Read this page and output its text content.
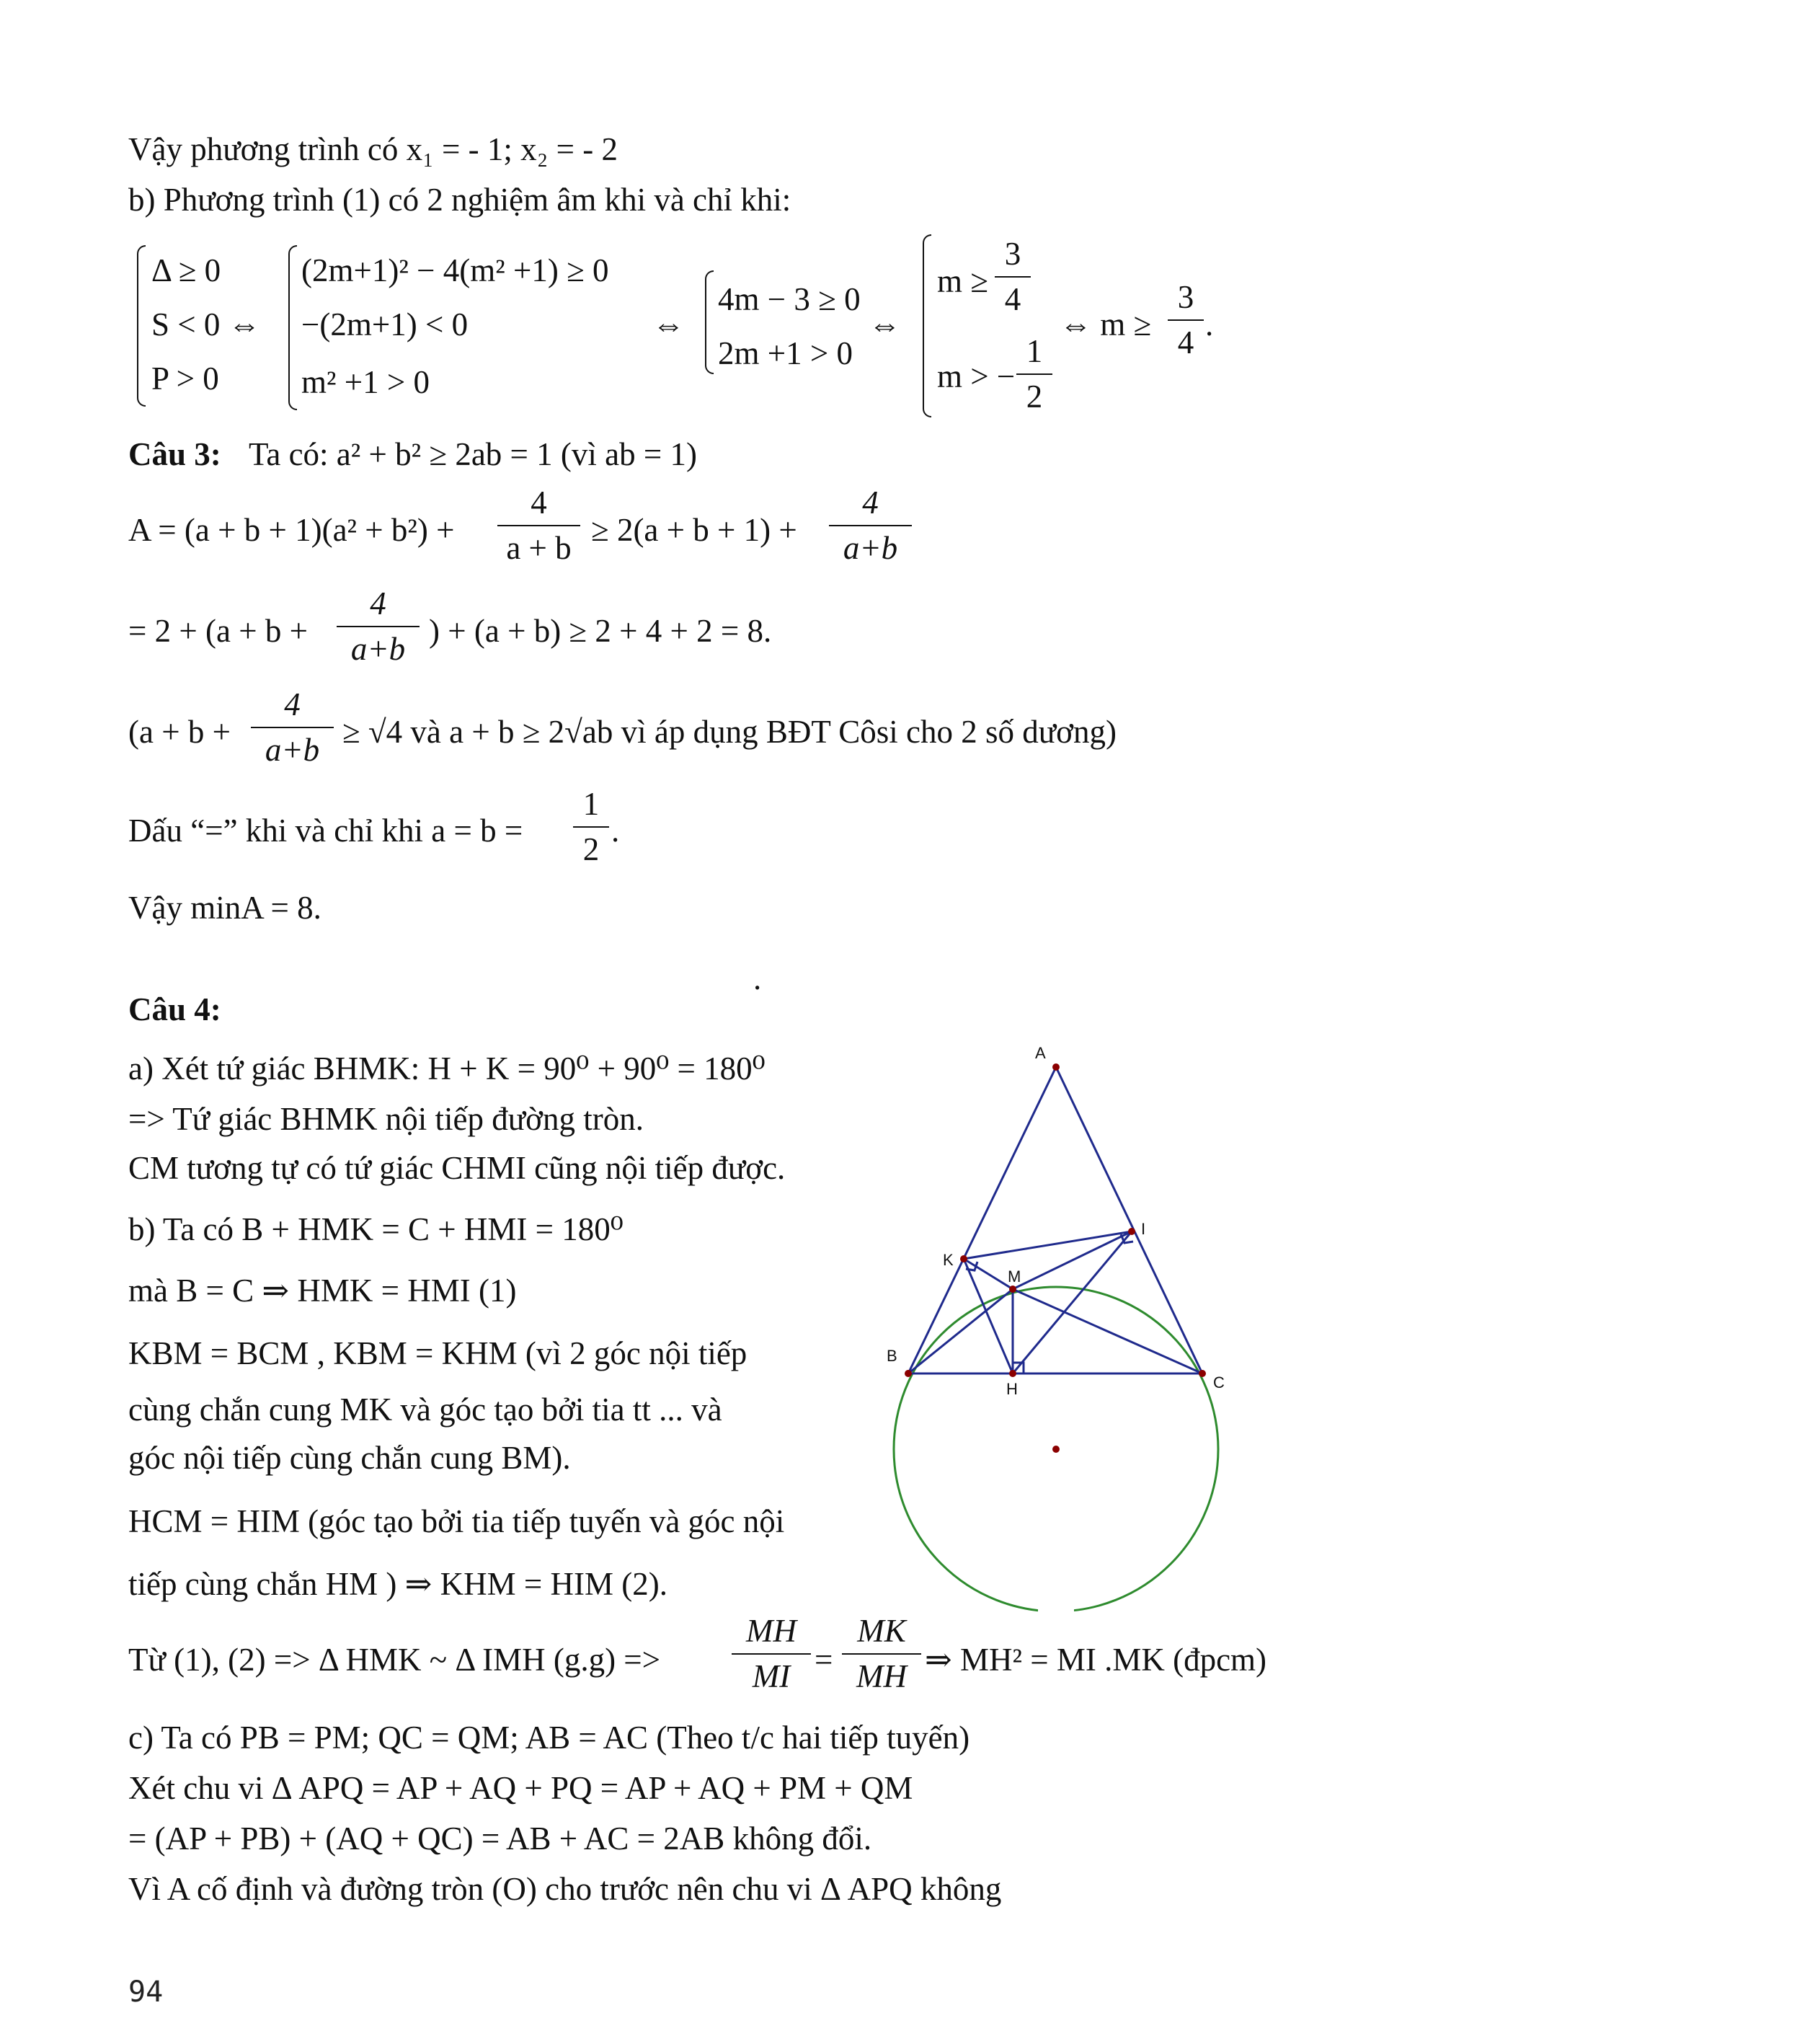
Vậy phương trình có x₁ = - 1; x₂ = - 2
b) Phương trình (1) có 2 nghiệm âm khi và chỉ khi:
Δ ≥ 0
S < 0 ⇔
P > 0
(2m+1)² − 4(m² +1) ≥ 0
−(2m+1) < 0
m² +1 > 0
⇔
4m − 3 ≥ 0
2m +1 > 0
⇔
$m \ge \frac{3}{4}$
m > − $\frac{1}{2}$
⇔ $m \ge \frac{3}{4}$ .
Câu 3: Ta có: a² + b² ≥ 2ab = 1 (vì ab = 1)
$A = (a + b + 1)(a^2 + b^2) + \frac{4}{a + b} \ge 2(a + b + 1) + \frac{4}{a+b}$
= $2 + (a + b + \frac{4}{a+b}$ ) + (a + b) ≥ 2 + 4 + 2 = 8.
($a + b + \frac{4}{a+b} \ge √4$ và a + b ≥ 2√ab vì áp dụng BĐT Côsi cho 2 số dương)
Dấu “=” khi và chỉ khi $a = b = \frac{1}{2}$ .
Vậy minA = 8.
.
Câu 4:
a) Xét tứ giác BHMK: H + K = 90⁰ + 90⁰ = 180⁰
=> Tứ giác BHMK nội tiếp đường tròn.
CM tương tự có tứ giác CHMI cũng nội tiếp được.
b) Ta có B + HMK = C + HMI = 180⁰
mà B = C ⇒ HMK = HMI (1)
KBM = BCM , KBM = KHM (vì 2 góc nội tiếp
cùng chắn cung MK và góc tạo bởi tia tt ... và
góc nội tiếp cùng chắn cung BM).
HCM = HIM (góc tạo bởi tia tiếp tuyến và góc nội
tiếp cùng chắn HM ) ⇒ KHM = HIM (2).
Từ (1), (2) => Δ HMK ~ Δ IMH $(g.g) => \frac{MH}{MI} = \frac{MK}{MH}$ ⇒ MH² = MI .MK (đpcm)
c) Ta có PB = PM; QC = QM; AB = AC (Theo t/c hai tiếp tuyến)
Xét chu vi Δ APQ = AP + AQ + PQ = AP + AQ + PM + QM
= (AP + PB) + (AQ + QC) = AB + AC = 2AB không đổi.
Vì A cố định và đường tròn (O) cho trước nên chu vi Δ APQ không
A
B
C
K
I
M
H
94
